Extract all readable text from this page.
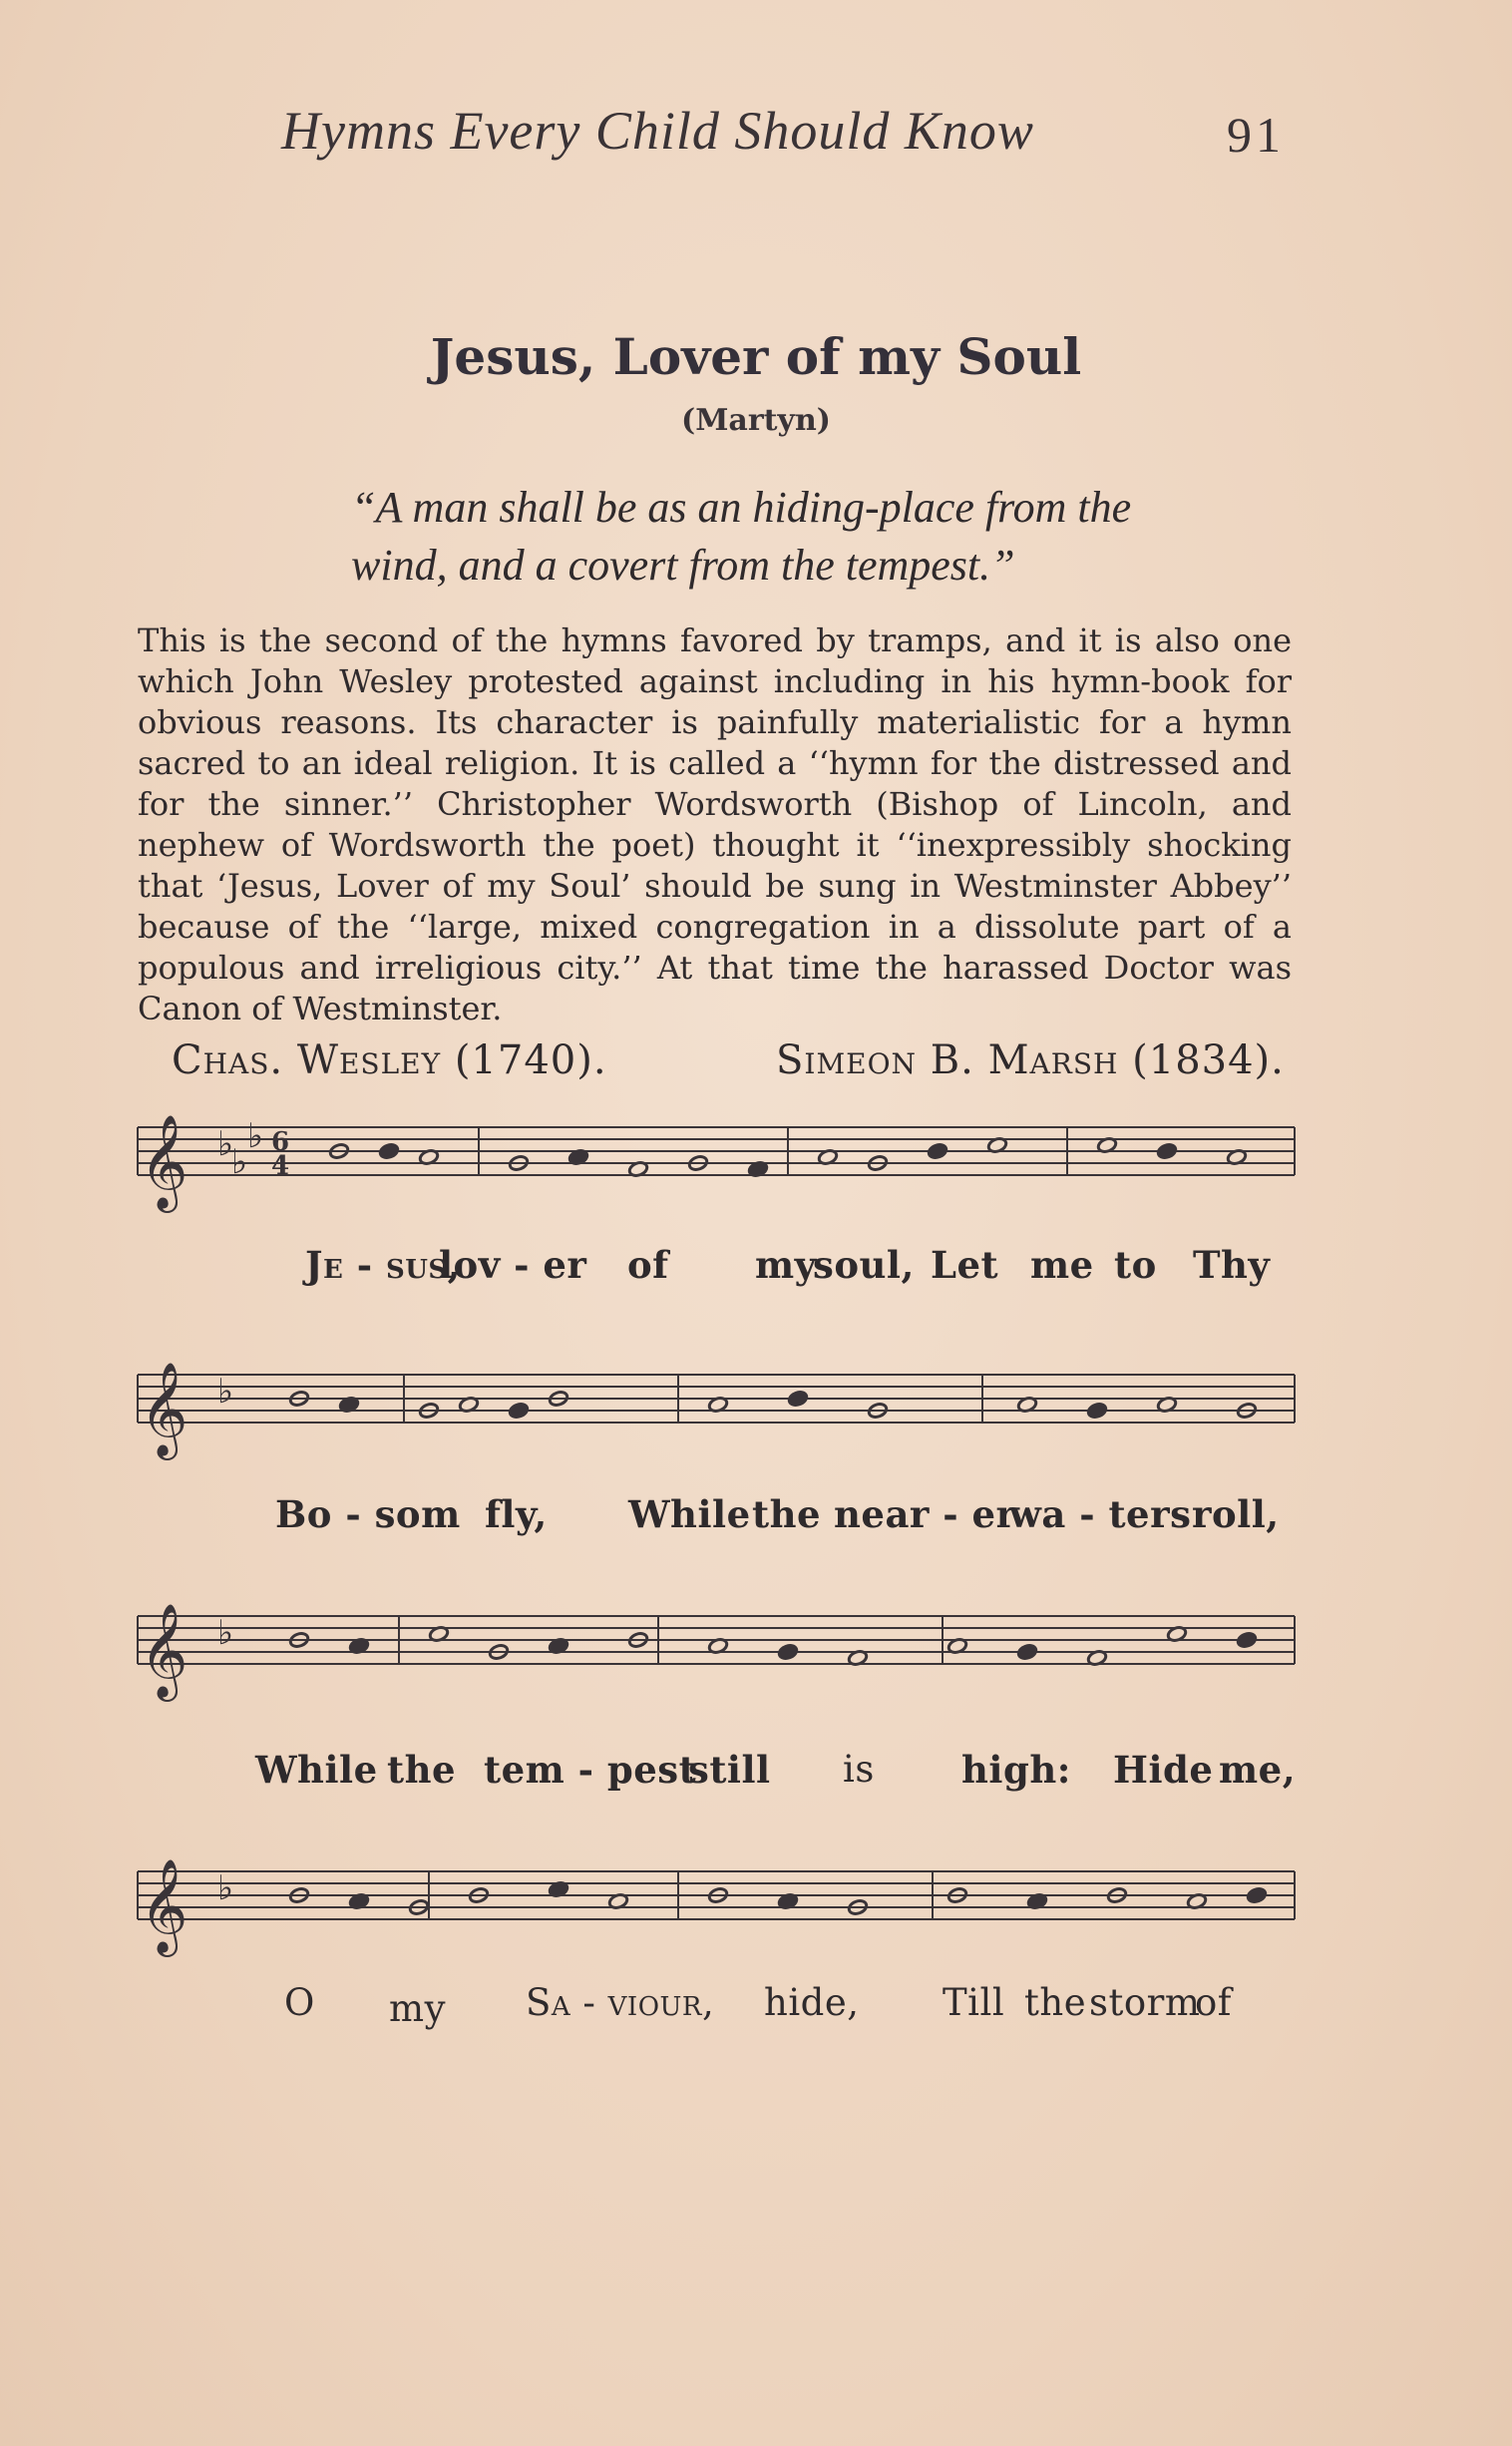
Hymns Every Child Should Know	91
Jesus, Lover of my Soul
(Martyn)
“A man shall be as an hiding-place from the
wind, and a covert from the tempest.”
This is the second of the hymns favored by tramps, and it is also one which John Wesley protested against including in his hymn-book for obvious reasons. Its character is painfully materialistic for a hymn sacred to an ideal religion. It is called a ‘‘hymn for the distressed and for the sinner.’’ Christopher Wordsworth (Bishop of Lincoln, and nephew of Wordsworth the poet) thought it ‘‘inexpressibly shocking that ‘Jesus, Lover of my Soul’ should be sung in Westminster Abbey’’ because of the ‘‘large, mixed congregation in a dissolute part of a populous and irreligious city.’’ At that time the harassed Doctor was Canon of Westminster.
Chas. Wesley (1740).	Simeon B. Marsh (1834).
𝄞
𝄞
𝄞
𝄞
♭
♭
♭
♭
♭
♭
6
4
Je - sus,
lov - er of my
soul, Let me to Thy
Bo - som fly, While the near - er
wa - ters roll,
While the tem - pest
still is high: Hide me,
O my Sa - viour, hide, Till the storm
of
